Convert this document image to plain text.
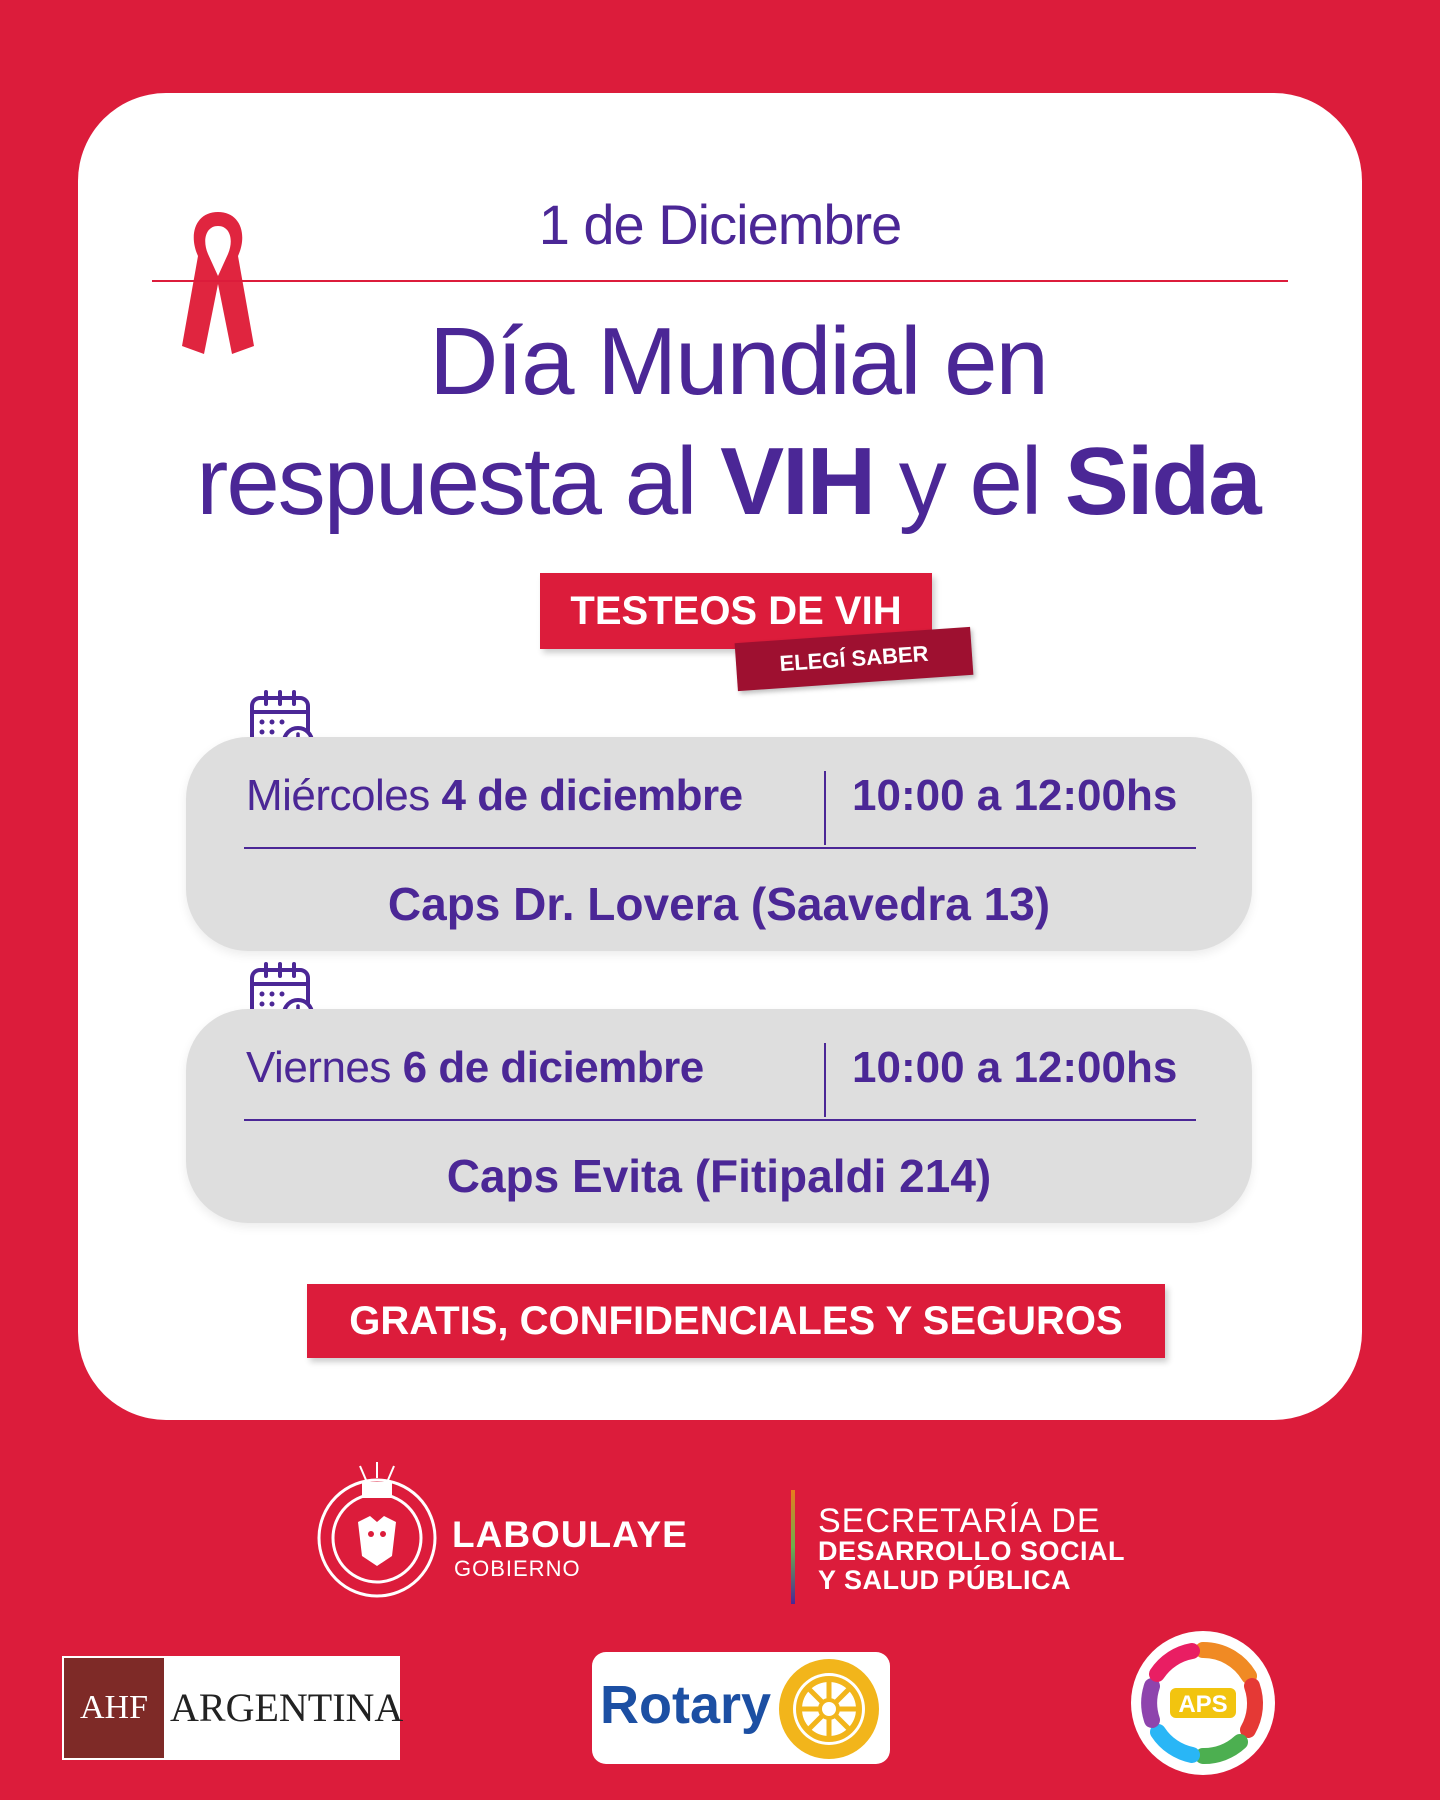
1 de Diciembre
Día Mundial en
respuesta al VIH y el Sida
TESTEOS DE VIH
ELEGÍ SABER
Miércoles 4 de diciembre 10:00 a 12:00hs
Caps Dr. Lovera (Saavedra 13)
Viernes 6 de diciembre	10:00 a 12:00hs
Caps Evita (Fitipaldi 214)
GRATIS, CONFIDENCIALES Y SEGUROS
LABOULAYE
GOBIERNO
SECRETARÍA DE
DESARROLLO SOCIAL
Y SALUD PÚBLICA
AHF ARGENTINA	Rotary	APS
